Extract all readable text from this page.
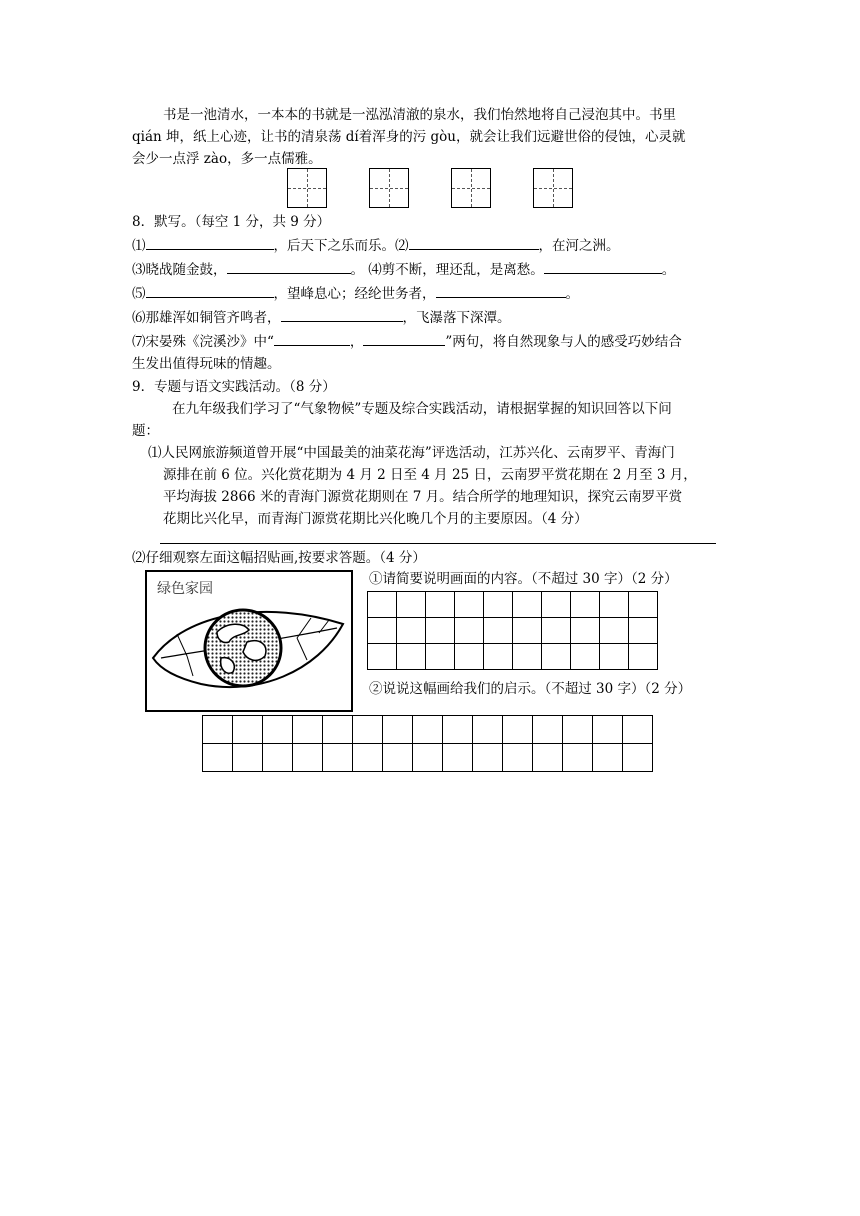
书是一池清水，一本本的书就是一泓泓清澈的泉水，我们怡然地将自己浸泡其中。书里
qián 坤，纸上心迹，让书的清泉荡 dí着浑身的污 gòu，就会让我们远避世俗的侵蚀，心灵就
会少一点浮 zào，多一点儒雅。
8．默写。（每空 1 分，共 9 分）
⑴	，后天下之乐而乐。⑵	，在河之洲。
⑶晓战随金鼓，	。 ⑷剪不断，理还乱，是离愁。	。
⑸	，望峰息心；经纶世务者，	。
⑹那雄浑如铜管齐鸣者，	，飞瀑落下深潭。
⑺宋晏殊《浣溪沙》中“	，	”两句，将自然现象与人的感受巧妙结合
生发出值得玩味的情趣。
9．专题与语文实践活动。（8 分）
在九年级我们学习了“气象物候”专题及综合实践活动，请根据掌握的知识回答以下问
题：
⑴人民网旅游频道曾开展“中国最美的油菜花海”评选活动，江苏兴化、云南罗平、青海门
源排在前 6 位。兴化赏花期为 4 月 2 日至 4 月 25 日，云南罗平赏花期在 2 月至 3 月，
平均海拔 2866 米的青海门源赏花期则在 7 月。结合所学的地理知识，探究云南罗平赏
花期比兴化早，而青海门源赏花期比兴化晚几个月的主要原因。（4 分）
⑵仔细观察左面这幅招贴画,按要求答题。（4 分）
绿色家园
①请简要说明画面的内容。（不超过 30 字）（2 分）

②说说这幅画给我们的启示。（不超过 30 字）（2 分）
